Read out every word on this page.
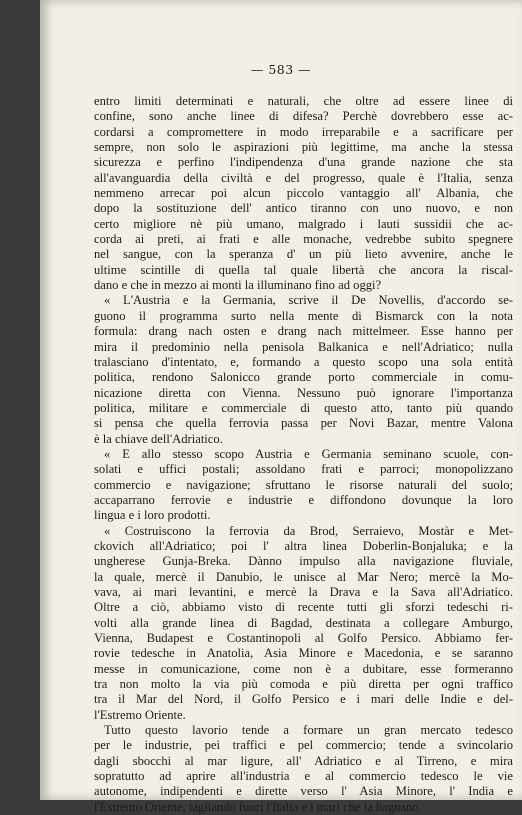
— 583 —
entro limiti determinati e naturali, che oltre ad essere linee di
confine, sono anche linee di difesa? Perchè dovrebbero esse ac-
cordarsi a compromettere in modo irreparabile e a sacrificare per
sempre, non solo le aspirazioni più legittime, ma anche la stessa
sicurezza e perfino l'indipendenza d'una grande nazione che sta
all'avanguardia della civiltà e del progresso, quale è l'Italia, senza
nemmeno arrecar poi alcun piccolo vantaggio all' Albania, che
dopo la sostituzione dell' antico tiranno con uno nuovo, e non
certo migliore nè più umano, malgrado i lauti sussidii che ac-
corda ai preti, ai frati e alle monache, vedrebbe subito spegnere
nel sangue, con la speranza d' un più lieto avvenire, anche le
ultime scintille di quella tal quale libertà che ancora la riscal-
dano e che in mezzo ai monti la illuminano fino ad oggi?
« L'Austria e la Germania, scrive il De Novellis, d'accordo se-
guono il programma surto nella mente di Bismarck con la nota
formula: drang nach osten e drang nach mittelmeer. Esse hanno per
mira il predominio nella penisola Balkanica e nell'Adriatico; nulla
tralasciano d'intentato, e, formando a questo scopo una sola entità
politica, rendono Salonicco grande porto commerciale in comu-
nicazione diretta con Vienna. Nessuno può ignorare l'importanza
politica, militare e commerciale di questo atto, tanto più quando
si pensa che quella ferrovia passa per Novi Bazar, mentre Valona
è la chiave dell'Adriatico.
« E allo stesso scopo Austria e Germania seminano scuole, con-
solati e uffici postali; assoldano frati e parroci; monopolizzano
commercio e navigazione; sfruttano le risorse naturali del suolo;
accaparrano ferrovie e industrie e diffondono dovunque la loro
lingua e i loro prodotti.
« Costruiscono la ferrovia da Brod, Serraievo, Mostàr e Met-
ckovich all'Adriatico; poi l' altra linea Doberlin-Bonjaluka; e la
ungherese Gunja-Breka. Dànno impulso alla navigazione fluviale,
la quale, mercè il Danubio, le unisce al Mar Nero; mercè la Mo-
vava, ai mari levantini, e mercè la Drava e la Sava all'Adriatico.
Oltre a ciò, abbiamo visto di recente tutti gli sforzi tedeschi ri-
volti alla grande linea di Bagdad, destinata a collegare Amburgo,
Vienna, Budapest e Costantinopoli al Golfo Persico. Abbiamo fer-
rovie tedesche in Anatolia, Asia Minore e Macedonia, e se saranno
messe in comunicazione, come non è a dubitare, esse formeranno
tra non molto la via più comoda e più diretta per ogni traffico
tra il Mar del Nord, il Golfo Persico e i mari delle Indie e del-
l'Estremo Oriente.
Tutto questo lavorio tende a formare un gran mercato tedesco
per le industrie, pei traffici e pel commercio; tende a svincolario
dagli sbocchi al mar ligure, all' Adriatico e al Tirreno, e mira
sopratutto ad aprire all'industria e al commercio tedesco le vie
autonome, indipendenti e dirette verso l' Asia Minore, l' India e
l'Estremo Oriente, tagliando fuori l'Italia e i mari che la bagnano.
